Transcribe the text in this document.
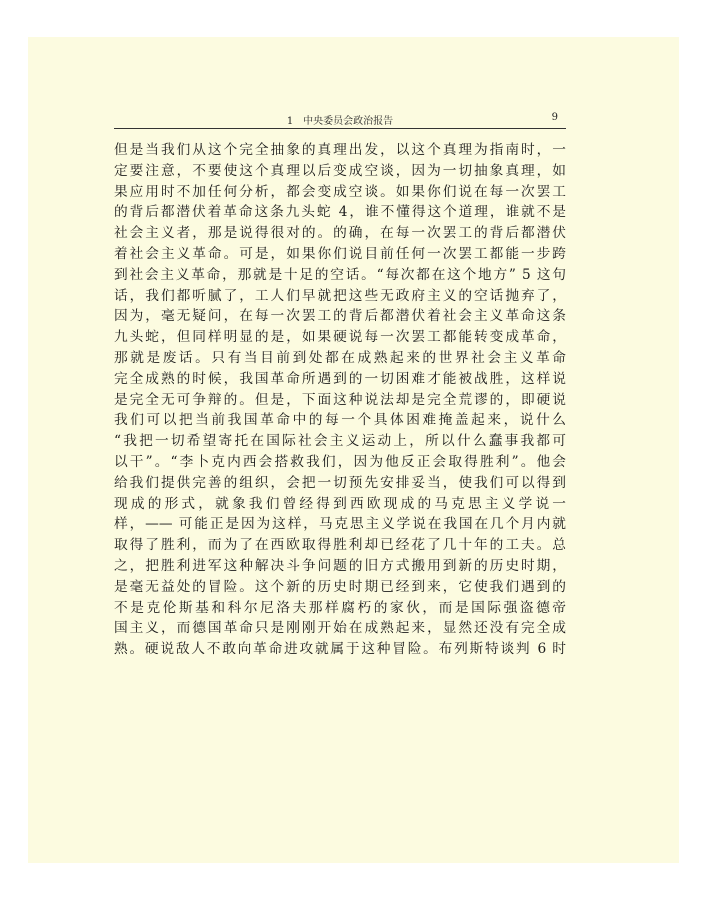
1　中央委员会政治报告	9
但是当我们从这个完全抽象的真理出发，以这个真理为指南时，一
定要注意，不要使这个真理以后变成空谈，因为一切抽象真理，如
果应用时不加任何分析，都会变成空谈。如果你们说在每一次罢工
的背后都潜伏着革命这条九头蛇 4，谁不懂得这个道理，谁就不是
社会主义者，那是说得很对的。的确，在每一次罢工的背后都潜伏
着社会主义革命。可是，如果你们说目前任何一次罢工都能一步跨
到社会主义革命，那就是十足的空话。“每次都在这个地方” 5 这句
话，我们都听腻了，工人们早就把这些无政府主义的空话抛弃了，
因为，毫无疑问，在每一次罢工的背后都潜伏着社会主义革命这条
九头蛇，但同样明显的是，如果硬说每一次罢工都能转变成革命，
那就是废话。只有当目前到处都在成熟起来的世界社会主义革命
完全成熟的时候，我国革命所遇到的一切困难才能被战胜，这样说
是完全无可争辩的。但是，下面这种说法却是完全荒谬的，即硬说
我们可以把当前我国革命中的每一个具体困难掩盖起来，说什么
“我把一切希望寄托在国际社会主义运动上，所以什么蠢事我都可
以干”。“李卜克内西会搭救我们，因为他反正会取得胜利”。他会
给我们提供完善的组织，会把一切预先安排妥当，使我们可以得到
现成的形式，就象我们曾经得到西欧现成的马克思主义学说一
样，—— 可能正是因为这样，马克思主义学说在我国在几个月内就
取得了胜利，而为了在西欧取得胜利却已经花了几十年的工夫。总
之，把胜利进军这种解决斗争问题的旧方式搬用到新的历史时期，
是毫无益处的冒险。这个新的历史时期已经到来，它使我们遇到的
不是克伦斯基和科尔尼洛夫那样腐朽的家伙，而是国际强盗德帝
国主义，而德国革命只是刚刚开始在成熟起来，显然还没有完全成
熟。硬说敌人不敢向革命进攻就属于这种冒险。布列斯特谈判 6 时
